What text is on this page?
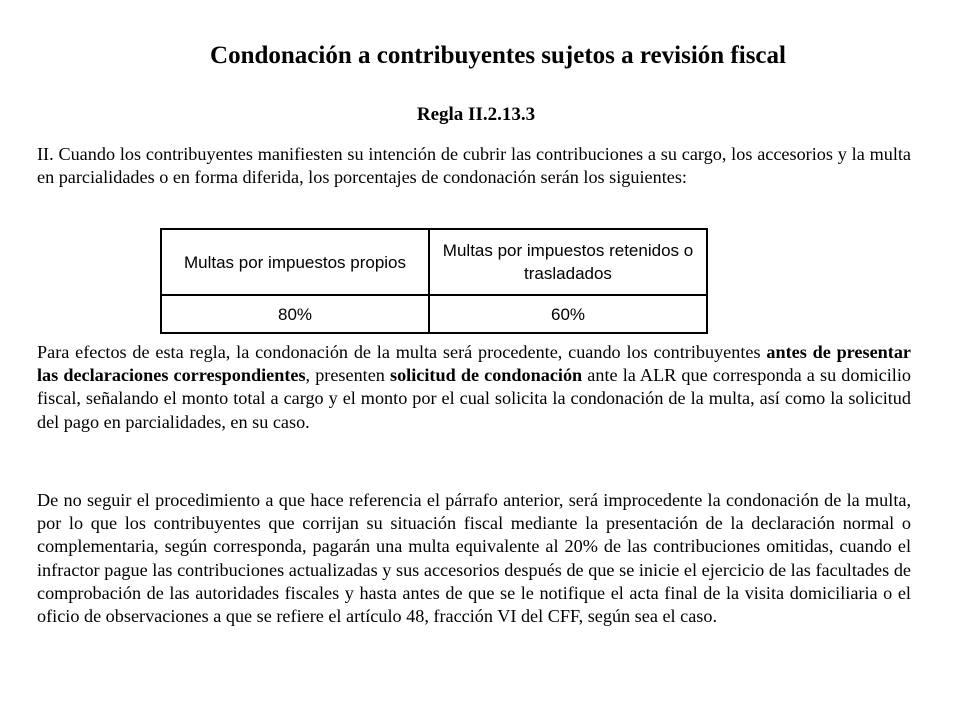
Condonación a contribuyentes sujetos a revisión fiscal
Regla II.2.13.3

II. Cuando los contribuyentes manifiesten su intención de cubrir las contribuciones a su cargo, los accesorios y la multa en parcialidades o en forma diferida, los porcentajes de condonación serán los siguientes:

Multas por impuestos propios
Multas por impuestos retenidos o trasladados
80%	60%

Para efectos de esta regla, la condonación de la multa será procedente, cuando los contribuyentes antes de presentar las declaraciones correspondientes, presenten solicitud de condonación ante la ALR que corresponda a su domicilio fiscal, señalando el monto total a cargo y el monto por el cual solicita la condonación de la multa, así como la solicitud del pago en parcialidades, en su caso.

De no seguir el procedimiento a que hace referencia el párrafo anterior, será improcedente la condonación de la multa, por lo que los contribuyentes que corrijan su situación fiscal mediante la presentación de la declaración normal o complementaria, según corresponda, pagarán una multa equivalente al 20% de las contribuciones omitidas, cuando el infractor pague las contribuciones actualizadas y sus accesorios después de que se inicie el ejercicio de las facultades de comprobación de las autoridades fiscales y hasta antes de que se le notifique el acta final de la visita domiciliaria o el oficio de observaciones a que se refiere el artículo 48, fracción VI del CFF, según sea el caso.
